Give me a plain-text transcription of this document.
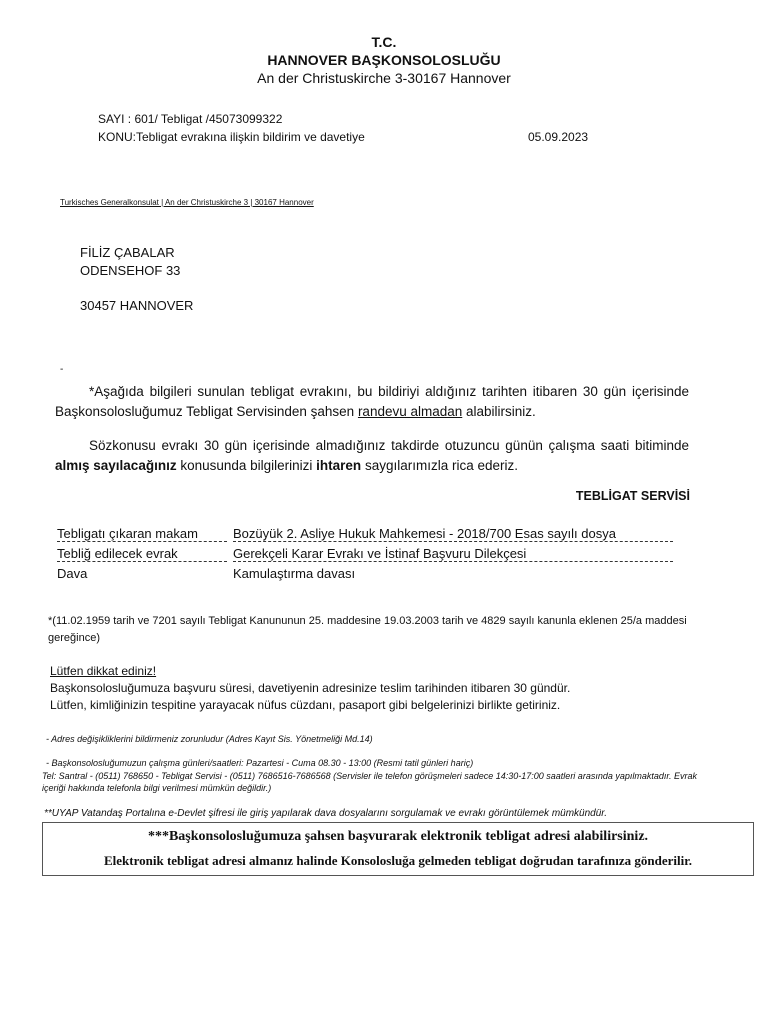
T.C.
HANNOVER BAŞKONSOLOSLUĞU
An der Christuskirche 3-30167 Hannover
SAYI : 601/ Tebligat /45073099322
KONU:Tebligat evrakına ilişkin bildirim ve davetiye	05.09.2023
Turkisches Generalkonsulat | An der Christuskirche 3 | 30167 Hannover
FİLİZ ÇABALAR
ODENSEHOF 33
30457 HANNOVER
-
*Aşağıda bilgileri sunulan tebligat evrakını, bu bildiriyi aldığınız tarihten itibaren 30 gün içerisinde Başkonsolosluğumuz Tebligat Servisinden şahsen randevu almadan alabilirsiniz.
Sözkonusu evrakı 30 gün içerisinde almadığınız takdirde otuzuncu günün çalışma saati bitiminde almış sayılacağınız konusunda bilgilerinizi ihtaren saygılarımızla rica ederiz.
TEBLİGAT SERVİSİ
Tebligatı çıkaran makam	Bozüyük 2. Asliye Hukuk Mahkemesi - 2018/700 Esas sayılı dosya
Tebliğ edilecek evrak	Gerekçeli Karar Evrakı ve İstinaf Başvuru Dilekçesi
Dava	Kamulaştırma davası
*(11.02.1959 tarih ve 7201 sayılı Tebligat Kanununun 25. maddesine 19.03.2003 tarih ve 4829 sayılı kanunla eklenen 25/a maddesi gereğince)
Lütfen dikkat ediniz!
Başkonsolosluğumuza başvuru süresi, davetiyenin adresinize teslim tarihinden itibaren 30 gündür.
Lütfen, kimliğinizin tespitine yarayacak nüfus cüzdanı, pasaport gibi belgelerinizi birlikte getiriniz.
- Adres değişikliklerini bildirmeniz zorunludur (Adres Kayıt Sis. Yönetmeliği Md.14)
- Başkonsolosluğumuzun çalışma günleri/saatleri: Pazartesi - Cuma 08.30 - 13:00 (Resmi tatil günleri hariç)
Tel: Santral - (0511) 768650 - Tebligat Servisi - (0511) 7686516-7686568 (Servisler ile telefon görüşmeleri sadece 14:30-17:00 saatleri arasında yapılmaktadır. Evrak içeriği hakkında telefonla bilgi verilmesi mümkün değildir.)
**UYAP Vatandaş Portalına e-Devlet şifresi ile giriş yapılarak dava dosyalarını sorgulamak ve evrakı görüntülemek mümkündür.
***Başkonsolosluğumuza şahsen başvurarak elektronik tebligat adresi alabilirsiniz.
Elektronik tebligat adresi almanız halinde Konsolosluğa gelmeden tebligat doğrudan tarafınıza gönderilir.
